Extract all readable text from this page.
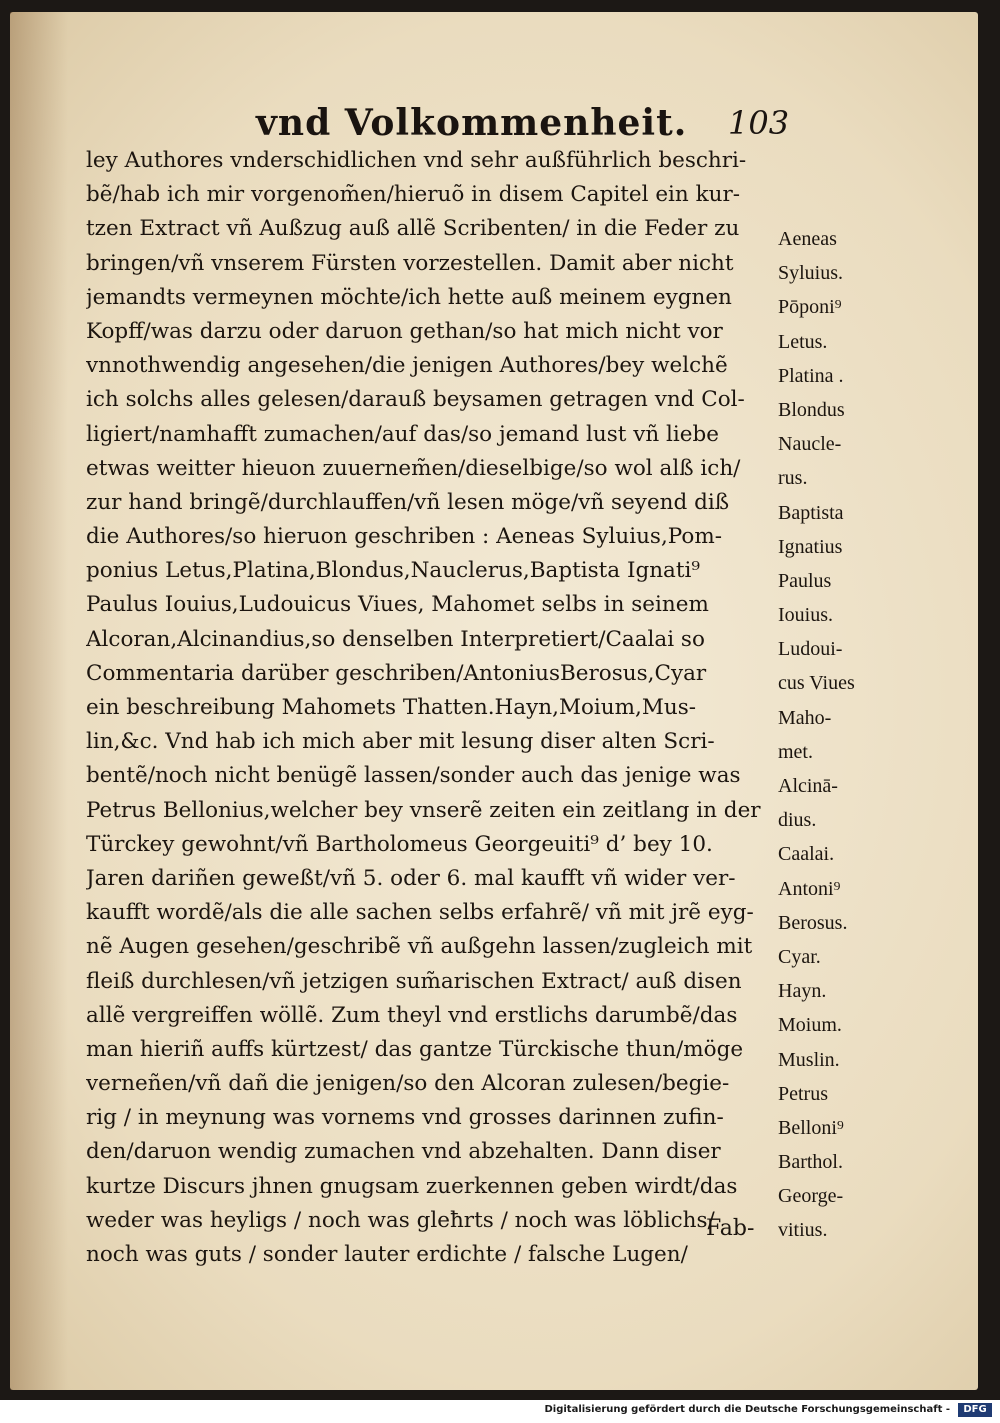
vnd Volkommenheit. 103
ley Authores vnderschidlichen vnd sehr außführlich beschri-
bẽ/hab ich mir vorgenom̃en/hieruõ in disem Capitel ein kur-
tzen Extract vñ Außzug auß allẽ Scribenten/ in die Feder zu
bringen/vñ vnserem Fürsten vorzestellen. Damit aber nicht
jemandts vermeynen möchte/ich hette auß meinem eygnen
Kopff/was darzu oder daruon gethan/so hat mich nicht vor
vnnothwendig angesehen/die jenigen Authores/bey welchẽ
ich solchs alles gelesen/darauß beysamen getragen vnd Col-
ligiert/namhafft zumachen/auf das/so jemand lust vñ liebe
etwas weitter hieuon zuuernem̃en/dieselbige/so wol alß ich/
zur hand bringẽ/durchlauffen/vñ lesen möge/vñ seyend diß
die Authores/so hieruon geschriben : Aeneas Syluius,Pom-
ponius Letus,Platina,Blondus,Nauclerus,Baptista Ignati⁹
Paulus Iouius,Ludouicus Viues, Mahomet selbs in seinem
Alcoran,Alcinandius,so denselben Interpretiert/Caalai so
Commentaria darüber geschriben/AntoniusBerosus,Cyar
ein beschreibung Mahomets Thatten.Hayn,Moium,Mus-
lin,&c. Vnd hab ich mich aber mit lesung diser alten Scri-
bentẽ/noch nicht benügẽ lassen/sonder auch das jenige was
Petrus Bellonius,welcher bey vnserẽ zeiten ein zeitlang in der
Türckey gewohnt/vñ Bartholomeus Georgeuiti⁹ d’ bey 10.
Jaren dariñen geweßt/vñ 5. oder 6. mal kaufft vñ wider ver-
kaufft wordẽ/als die alle sachen selbs erfahrẽ/ vñ mit jrẽ eyg-
nẽ Augen gesehen/geschribẽ vñ außgehn lassen/zugleich mit
fleiß durchlesen/vñ jetzigen sum̃arischen Extract/ auß disen
allẽ vergreiffen wöllẽ. Zum theyl vnd erstlichs darumbẽ/das
man hieriñ auffs kürtzest/ das gantze Türckische thun/möge
verneñen/vñ dañ die jenigen/so den Alcoran zulesen/begie-
rig / in meynung was vornems vnd grosses darinnen zufin-
den/daruon wendig zumachen vnd abzehalten. Dann diser
kurtze Discurs jhnen gnugsam zuerkennen geben wirdt/das
weder was heyligs / noch was gleħrts / noch was löblichs/
noch was guts / sonder lauter erdichte / falsche Lugen/
Aeneas
Syluius.
Pōponi⁹
Letus.
Platina .
Blondus
Naucle-
rus.
Baptista
Ignatius
Paulus
Iouius.
Ludoui-
cus Viues
Maho-
met.
Alcinā-
dius.
Caalai.
Antoni⁹
Berosus.
Cyar.
Hayn.
Moium.
Muslin.
Petrus
Belloni⁹
Barthol.
George-
vitius.
Fab-
Digitalisierung gefördert durch die Deutsche Forschungsgemeinschaft -	DFG
